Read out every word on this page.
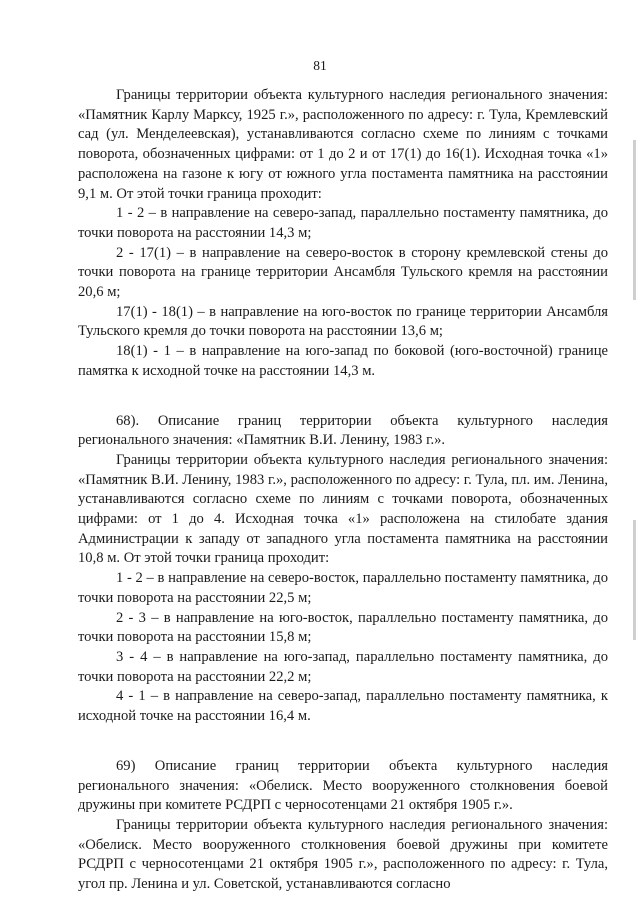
81

Границы территории объекта культурного наследия регионального значения: «Памятник Карлу Марксу, 1925 г.», расположенного по адресу: г. Тула, Кремлевский сад (ул. Менделеевская), устанавливаются согласно схеме по линиям с точками поворота, обозначенных цифрами: от 1 до 2 и от 17(1) до 16(1). Исходная точка «1» расположена на газоне к югу от южного угла постамента памятника на расстоянии 9,1 м. От этой точки граница проходит:

1 - 2 – в направление на северо-запад, параллельно постаменту памятника, до точки поворота на расстоянии 14,3 м;

2 - 17(1) – в направление на северо-восток в сторону кремлевской стены до точки поворота на границе территории Ансамбля Тульского кремля на расстоянии 20,6 м;

17(1) - 18(1) – в направление на юго-восток по границе территории Ансамбля Тульского кремля до точки поворота на расстоянии 13,6 м;

18(1) - 1 – в направление на юго-запад по боковой (юго-восточной) границе памятка к исходной точке на расстоянии 14,3 м.

68). Описание границ территории объекта культурного наследия регионального значения: «Памятник В.И. Ленину, 1983 г.».

Границы территории объекта культурного наследия регионального значения: «Памятник В.И. Ленину, 1983 г.», расположенного по адресу: г. Тула, пл. им. Ленина, устанавливаются согласно схеме по линиям с точками поворота, обозначенных цифрами: от 1 до 4. Исходная точка «1» расположена на стилобате здания Администрации к западу от западного угла постамента памятника на расстоянии 10,8 м. От этой точки граница проходит:

1 - 2 – в направление на северо-восток, параллельно постаменту памятника, до точки поворота на расстоянии 22,5 м;

2 - 3 – в направление на юго-восток, параллельно постаменту памятника, до точки поворота на расстоянии 15,8 м;

3 - 4 – в направление на юго-запад, параллельно постаменту памятника, до точки поворота на расстоянии 22,2 м;

4 - 1 – в направление на северо-запад, параллельно постаменту памятника, к исходной точке на расстоянии 16,4 м.

69) Описание границ территории объекта культурного наследия регионального значения: «Обелиск. Место вооруженного столкновения боевой дружины при комитете РСДРП с черносотенцами 21 октября 1905 г.».

Границы территории объекта культурного наследия регионального значения: «Обелиск. Место вооруженного столкновения боевой дружины при комитете РСДРП с черносотенцами 21 октября 1905 г.», расположенного по адресу: г. Тула, угол пр. Ленина и ул. Советской, устанавливаются согласно
